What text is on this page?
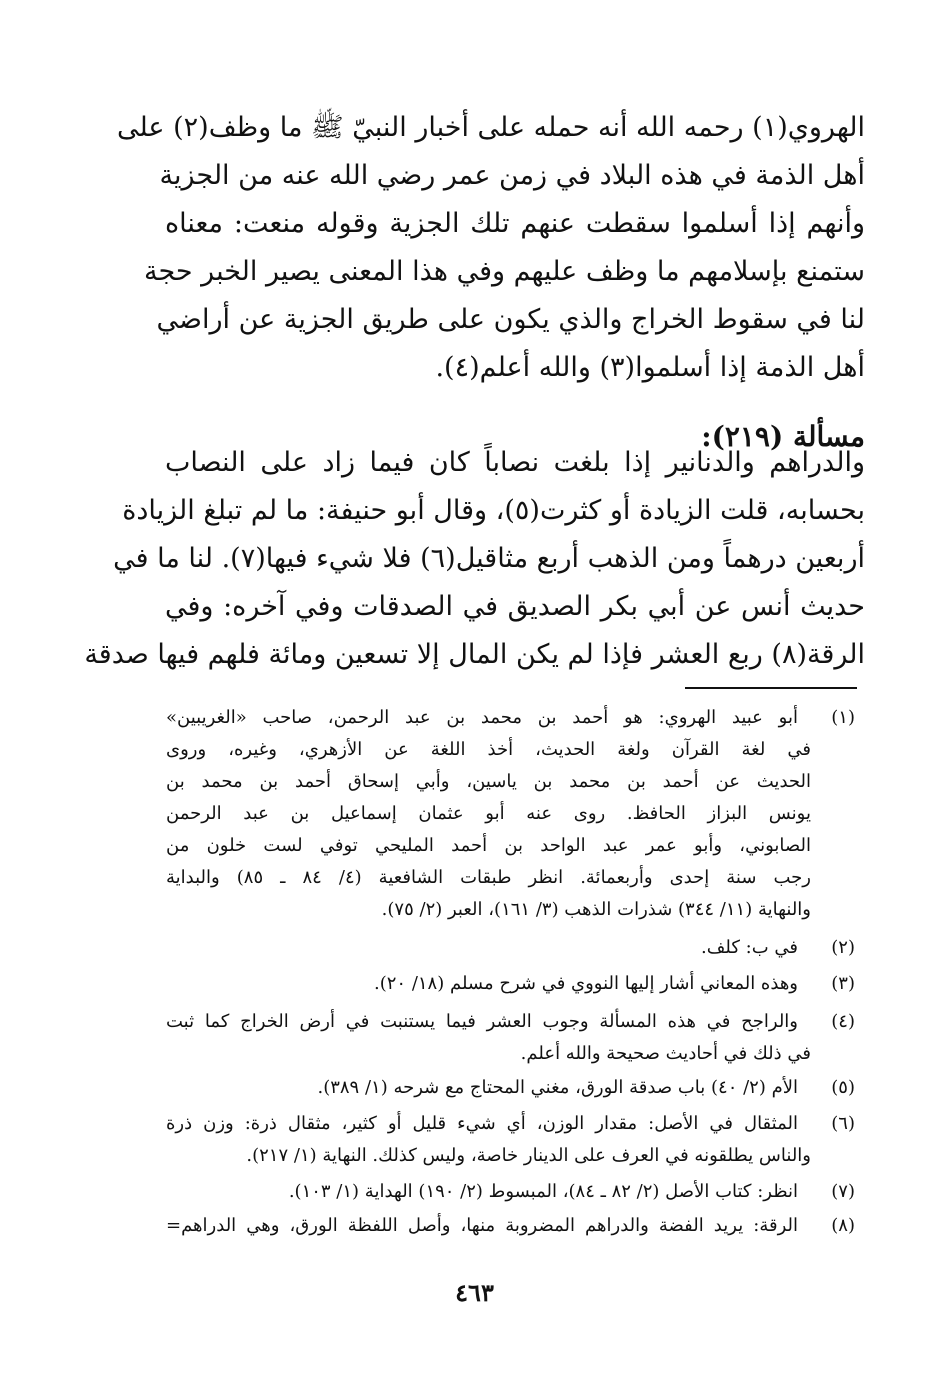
الهروي(١) رحمه الله أنه حمله على أخبار النبيّ ﷺ ما وظف(٢) على
أهل الذمة في هذه البلاد في زمن عمر رضي الله عنه من الجزية
وأنهم إذا أسلموا سقطت عنهم تلك الجزية وقوله منعت: معناه
ستمنع بإسلامهم ما وظف عليهم وفي هذا المعنى يصير الخبر حجة
لنا في سقوط الخراج والذي يكون على طريق الجزية عن أراضي
أهل الذمة إذا أسلموا(٣) والله أعلم(٤).
مسألة (٢١٩):
والدراهم والدنانير إذا بلغت نصاباً كان فيما زاد على النصاب
بحسابه، قلت الزيادة أو كثرت(٥)، وقال أبو حنيفة: ما لم تبلغ الزيادة
أربعين درهماً ومن الذهب أربع مثاقيل(٦) فلا شيء فيها(٧). لنا ما في
حديث أنس عن أبي بكر الصديق في الصدقات وفي آخره: وفي
الرقة(٨) ربع العشر فإذا لم يكن المال إلا تسعين ومائة فلهم فيها صدقة
(١)
أبو عبيد الهروي: هو أحمد بن محمد بن عبد الرحمن، صاحب «الغريبين»
في لغة القرآن ولغة الحديث، أخذ اللغة عن الأزهري، وغيره، وروى
الحديث عن أحمد بن محمد بن ياسين، وأبي إسحاق أحمد بن محمد بن
يونس البزاز الحافظ. روى عنه أبو عثمان إسماعيل بن عبد الرحمن
الصابوني، وأبو عمر عبد الواحد بن أحمد المليحي توفي لست خلون من
رجب سنة إحدى وأربعمائة. انظر طبقات الشافعية (٤/ ٨٤ ـ ٨٥) والبداية
والنهاية (١١/ ٣٤٤) شذرات الذهب (٣/ ١٦١)، العبر (٢/ ٧٥).
(٢)
في ب: كلف.
(٣)
وهذه المعاني أشار إليها النووي في شرح مسلم (١٨/ ٢٠).
(٤)
والراجح في هذه المسألة وجوب العشر فيما يستنبت في أرض الخراج كما ثبت
في ذلك في أحاديث صحيحة والله أعلم.
(٥)
الأم (٢/ ٤٠) باب صدقة الورق، مغني المحتاج مع شرحه (١/ ٣٨٩).
(٦)
المثقال في الأصل: مقدار الوزن، أي شيء قليل أو كثير، مثقال ذرة: وزن ذرة
والناس يطلقونه في العرف على الدينار خاصة، وليس كذلك. النهاية (١/ ٢١٧).
(٧)
انظر: كتاب الأصل (٢/ ٨٢ ـ ٨٤)، المبسوط (٢/ ١٩٠) الهداية (١/ ١٠٣).
(٨)
الرقة: يريد الفضة والدراهم المضروبة منها، وأصل اللفظة الورق، وهي الدراهم=
٤٦٣
